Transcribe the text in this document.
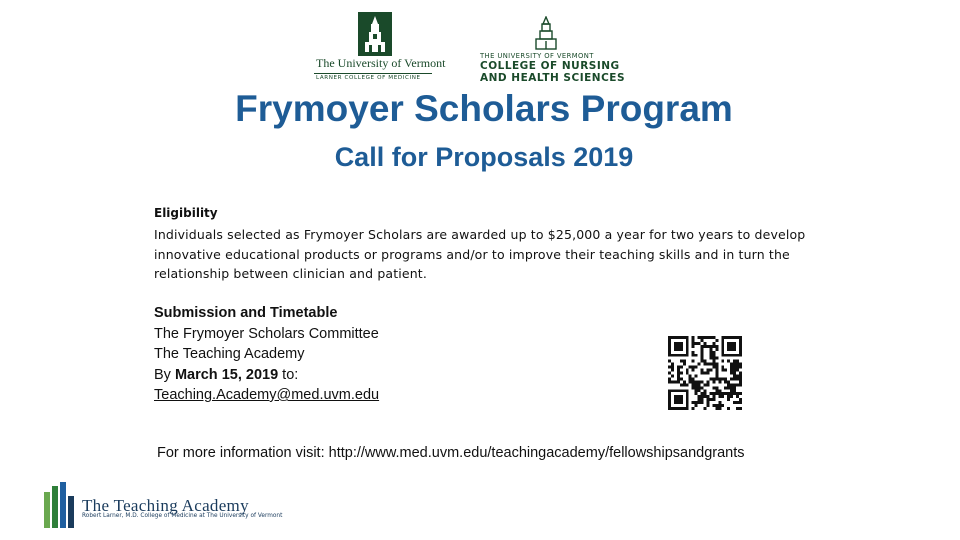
The University of Vermont
LARNER COLLEGE OF MEDICINE
THE UNIVERSITY OF VERMONT
COLLEGE OF NURSING
AND HEALTH SCIENCES
Frymoyer Scholars Program
Call for Proposals 2019
Eligibility
Individuals selected as Frymoyer Scholars are awarded up to $25,000 a year for two years to develop innovative educational products or programs and/or to improve their teaching skills and in turn the relationship between clinician and patient.
Submission and Timetable
The Frymoyer Scholars Committee
The Teaching Academy
By March 15, 2019 to:
Teaching.Academy@med.uvm.edu
For more information visit: http://www.med.uvm.edu/teachingacademy/fellowshipsandgrants
The Teaching Academy
Robert Larner, M.D. College of Medicine at The University of Vermont
